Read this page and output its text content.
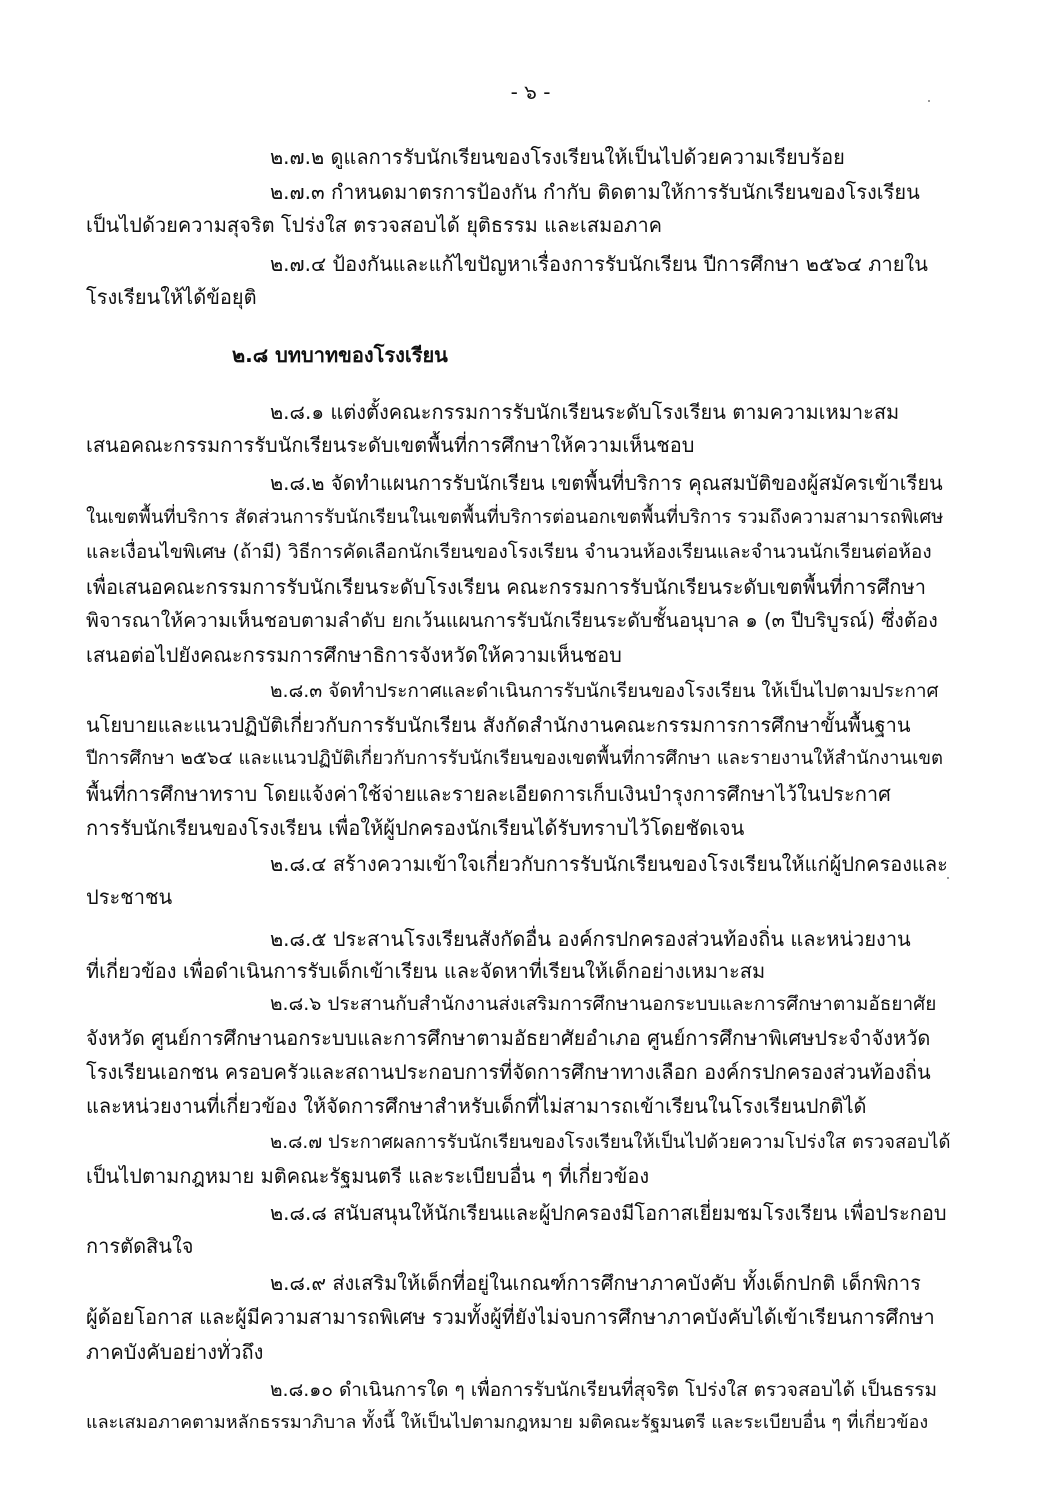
- ๖ -
๒.๗.๒ ดูแลการรับนักเรียนของโรงเรียนให้เป็นไปด้วยความเรียบร้อย
๒.๗.๓ กำหนดมาตรการป้องกัน กำกับ ติดตามให้การรับนักเรียนของโรงเรียน
เป็นไปด้วยความสุจริต โปร่งใส ตรวจสอบได้ ยุติธรรม และเสมอภาค
๒.๗.๔ ป้องกันและแก้ไขปัญหาเรื่องการรับนักเรียน ปีการศึกษา ๒๕๖๔ ภายใน
โรงเรียนให้ได้ข้อยุติ
๒.๘ บทบาทของโรงเรียน
๒.๘.๑ แต่งตั้งคณะกรรมการรับนักเรียนระดับโรงเรียน ตามความเหมาะสม
เสนอคณะกรรมการรับนักเรียนระดับเขตพื้นที่การศึกษาให้ความเห็นชอบ
๒.๘.๒ จัดทำแผนการรับนักเรียน เขตพื้นที่บริการ คุณสมบัติของผู้สมัครเข้าเรียน
ในเขตพื้นที่บริการ สัดส่วนการรับนักเรียนในเขตพื้นที่บริการต่อนอกเขตพื้นที่บริการ รวมถึงความสามารถพิเศษ
และเงื่อนไขพิเศษ (ถ้ามี) วิธีการคัดเลือกนักเรียนของโรงเรียน จำนวนห้องเรียนและจำนวนนักเรียนต่อห้อง
เพื่อเสนอคณะกรรมการรับนักเรียนระดับโรงเรียน คณะกรรมการรับนักเรียนระดับเขตพื้นที่การศึกษา
พิจารณาให้ความเห็นชอบตามลำดับ ยกเว้นแผนการรับนักเรียนระดับชั้นอนุบาล ๑ (๓ ปีบริบูรณ์) ซึ่งต้อง
เสนอต่อไปยังคณะกรรมการศึกษาธิการจังหวัดให้ความเห็นชอบ
๒.๘.๓ จัดทำประกาศและดำเนินการรับนักเรียนของโรงเรียน ให้เป็นไปตามประกาศ
นโยบายและแนวปฏิบัติเกี่ยวกับการรับนักเรียน สังกัดสำนักงานคณะกรรมการการศึกษาขั้นพื้นฐาน
ปีการศึกษา ๒๕๖๔ และแนวปฏิบัติเกี่ยวกับการรับนักเรียนของเขตพื้นที่การศึกษา และรายงานให้สำนักงานเขต
พื้นที่การศึกษาทราบ โดยแจ้งค่าใช้จ่ายและรายละเอียดการเก็บเงินบำรุงการศึกษาไว้ในประกาศ
การรับนักเรียนของโรงเรียน เพื่อให้ผู้ปกครองนักเรียนได้รับทราบไว้โดยชัดเจน
๒.๘.๔ สร้างความเข้าใจเกี่ยวกับการรับนักเรียนของโรงเรียนให้แก่ผู้ปกครองและ
ประชาชน
๒.๘.๕ ประสานโรงเรียนสังกัดอื่น องค์กรปกครองส่วนท้องถิ่น และหน่วยงาน
ที่เกี่ยวข้อง เพื่อดำเนินการรับเด็กเข้าเรียน และจัดหาที่เรียนให้เด็กอย่างเหมาะสม
๒.๘.๖ ประสานกับสำนักงานส่งเสริมการศึกษานอกระบบและการศึกษาตามอัธยาศัย
จังหวัด ศูนย์การศึกษานอกระบบและการศึกษาตามอัธยาศัยอำเภอ ศูนย์การศึกษาพิเศษประจำจังหวัด
โรงเรียนเอกชน ครอบครัวและสถานประกอบการที่จัดการศึกษาทางเลือก องค์กรปกครองส่วนท้องถิ่น
และหน่วยงานที่เกี่ยวข้อง ให้จัดการศึกษาสำหรับเด็กที่ไม่สามารถเข้าเรียนในโรงเรียนปกติได้
๒.๘.๗ ประกาศผลการรับนักเรียนของโรงเรียนให้เป็นไปด้วยความโปร่งใส ตรวจสอบได้
เป็นไปตามกฎหมาย มติคณะรัฐมนตรี และระเบียบอื่น ๆ ที่เกี่ยวข้อง
๒.๘.๘ สนับสนุนให้นักเรียนและผู้ปกครองมีโอกาสเยี่ยมชมโรงเรียน เพื่อประกอบ
การตัดสินใจ
๒.๘.๙ ส่งเสริมให้เด็กที่อยู่ในเกณฑ์การศึกษาภาคบังคับ ทั้งเด็กปกติ เด็กพิการ
ผู้ด้อยโอกาส และผู้มีความสามารถพิเศษ รวมทั้งผู้ที่ยังไม่จบการศึกษาภาคบังคับได้เข้าเรียนการศึกษา
ภาคบังคับอย่างทั่วถึง
๒.๘.๑๐ ดำเนินการใด ๆ เพื่อการรับนักเรียนที่สุจริต โปร่งใส ตรวจสอบได้ เป็นธรรม
และเสมอภาคตามหลักธรรมาภิบาล ทั้งนี้ ให้เป็นไปตามกฎหมาย มติคณะรัฐมนตรี และระเบียบอื่น ๆ ที่เกี่ยวข้อง
